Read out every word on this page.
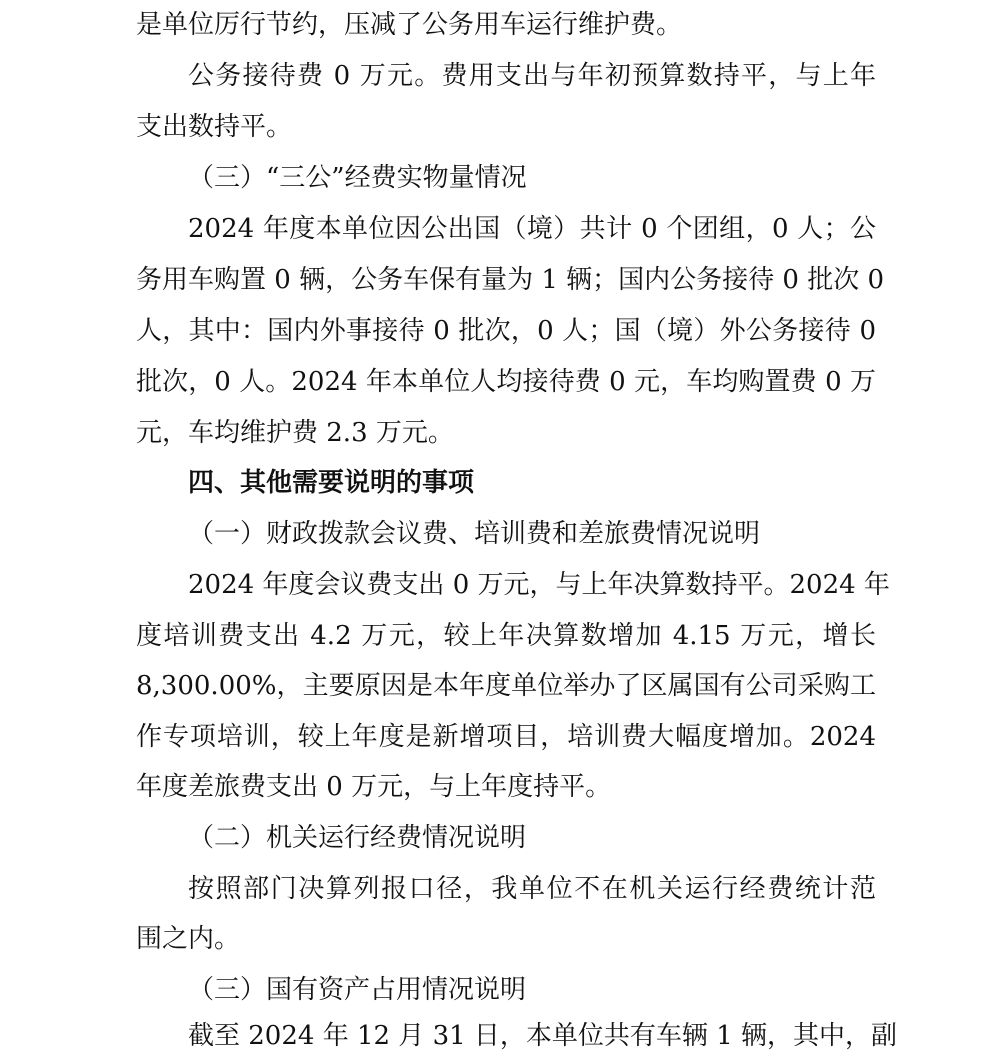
是单位厉行节约，压减了公务用车运行维护费。
公务接待费 0 万元。费用支出与年初预算数持平，与上年
支出数持平。
（三）“三公”经费实物量情况
2024 年度本单位因公出国（境）共计 0 个团组，0 人；公
务用车购置 0 辆，公务车保有量为 1 辆；国内公务接待 0 批次 0
人，其中：国内外事接待 0 批次，0 人；国（境）外公务接待 0
批次，0 人。2024 年本单位人均接待费 0 元，车均购置费 0 万
元，车均维护费 2.3 万元。
四、其他需要说明的事项
（一）财政拨款会议费、培训费和差旅费情况说明
2024 年度会议费支出 0 万元，与上年决算数持平。2024 年
度培训费支出 4.2 万元，较上年决算数增加 4.15 万元，增长
8,300.00%，主要原因是本年度单位举办了区属国有公司采购工
作专项培训，较上年度是新增项目，培训费大幅度增加。2024
年度差旅费支出 0 万元，与上年度持平。
（二）机关运行经费情况说明
按照部门决算列报口径，我单位不在机关运行经费统计范
围之内。
（三）国有资产占用情况说明
截至 2024 年 12 月 31 日，本单位共有车辆 1 辆，其中，副
